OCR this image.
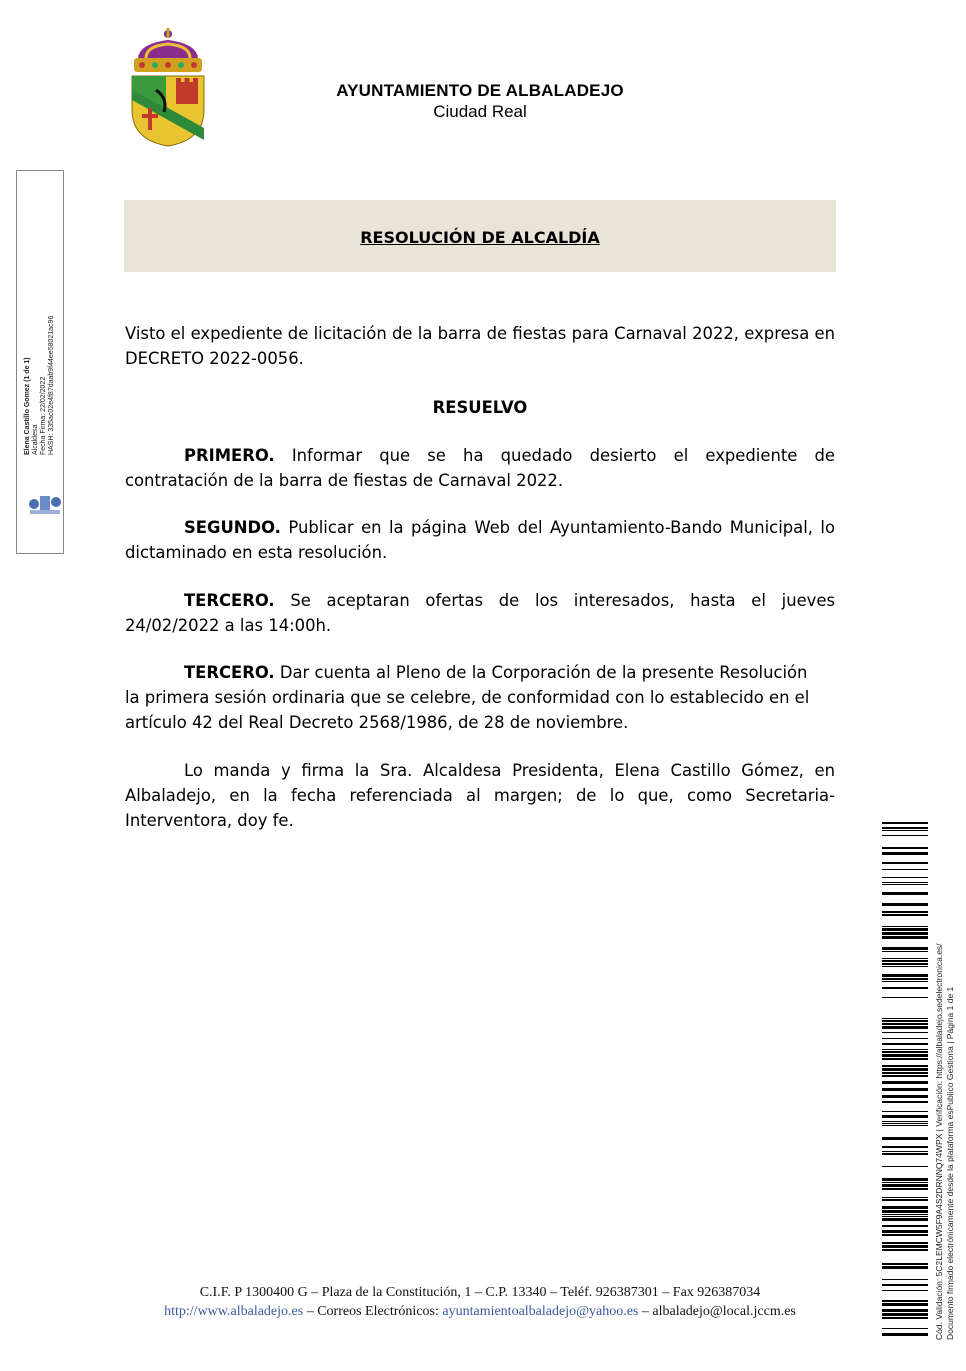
AYUNTAMIENTO DE ALBALADEJO
Ciudad Real
Elena Castillo Gomez (1 de 1) Alcaldesa Fecha Firma: 22/02/2022 HASH: 335ac02e4f87daab9f44ee58021ac96
RESOLUCIÓN DE ALCALDÍA
Visto el expediente de licitación de la barra de fiestas para Carnaval 2022, expresa en DECRETO 2022-0056.
RESUELVO
PRIMERO. Informar que se ha quedado desierto el expediente de contratación de la barra de fiestas de Carnaval 2022.
SEGUNDO. Publicar en la página Web del Ayuntamiento-Bando Municipal, lo dictaminado en esta resolución.
TERCERO. Se aceptaran ofertas de los interesados, hasta el jueves 24/02/2022 a las 14:00h.
TERCERO. Dar cuenta al Pleno de la Corporación de la presente Resolución la primera sesión ordinaria que se celebre, de conformidad con lo establecido en el artículo 42 del Real Decreto 2568/1986, de 28 de noviembre.
Lo manda y firma la Sra. Alcaldesa Presidenta, Elena Castillo Gómez, en Albaladejo, en la fecha referenciada al margen; de lo que, como Secretaria-Interventora, doy fe.
C.I.F. P 1300400 G – Plaza de la Constitución, 1 – C.P. 13340 – Teléf. 926387301 – Fax 926387034
http://www.albaladejo.es – Correos Electrónicos: ayuntamientoalbaladejo@yahoo.es – albaladejo@local.jccm.es	Cód. Validación: 5C2LEMCW5F9A4S2DRNNQ74WPX | Verificación: https://albaladejo.sedelectronica.es/ Documento firmado electrónicamente desde la plataforma esPublico Gestiona | Página 1 de 1
